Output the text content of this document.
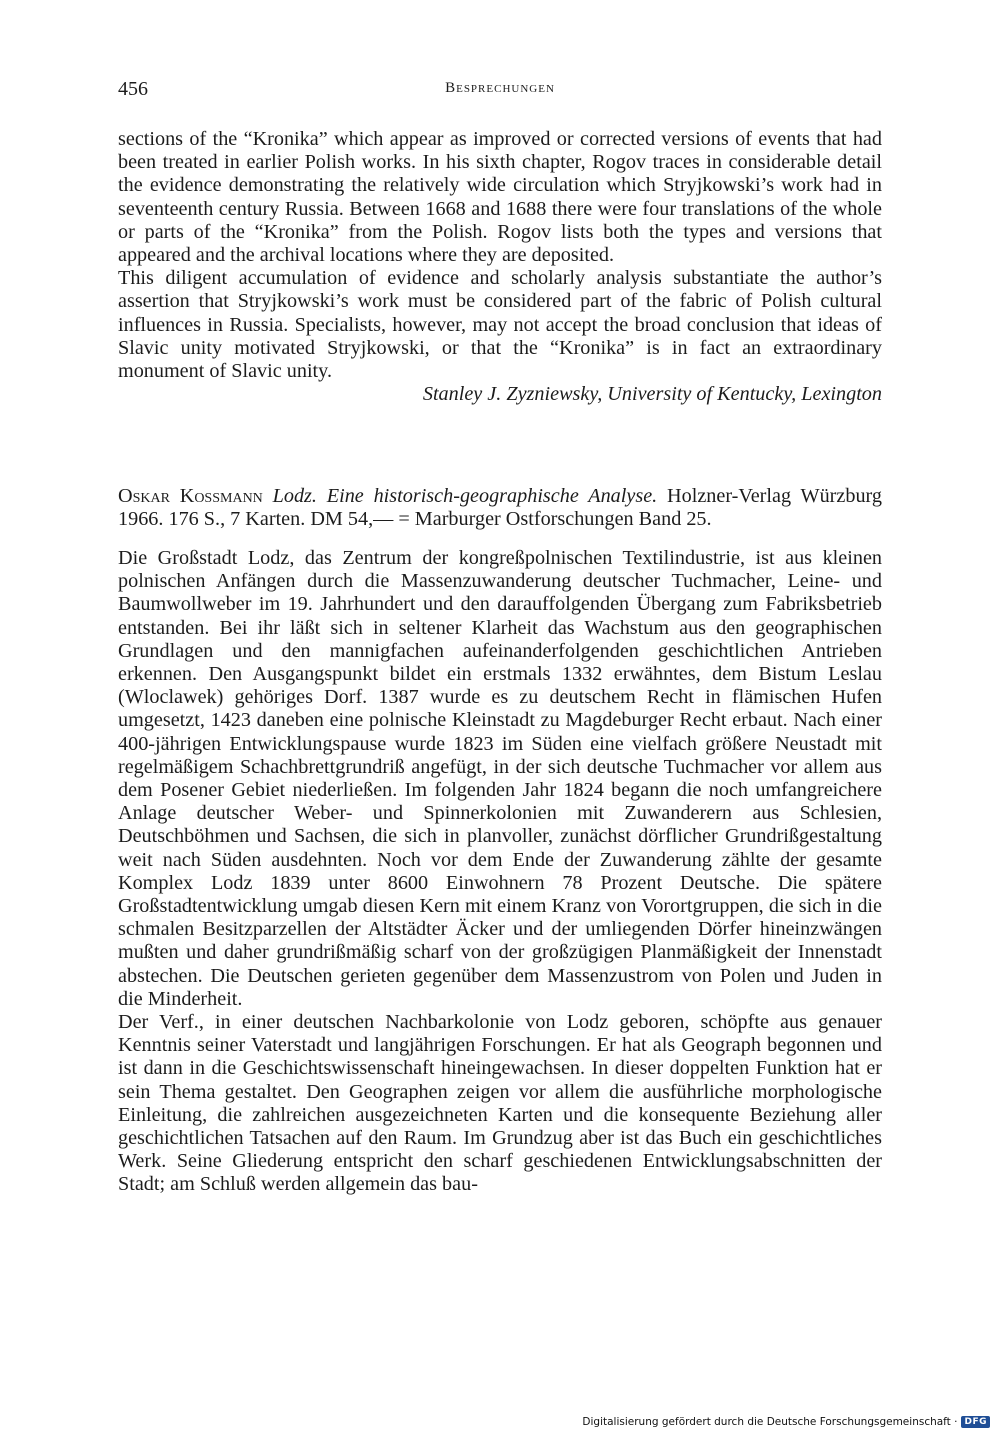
456	Besprechungen

sections of the “Kronika” which appear as improved or corrected versions of events that had been treated in earlier Polish works. In his sixth chapter, Rogov traces in considerable detail the evidence demonstrating the relatively wide circulation which Stryjkowski’s work had in seventeenth century Russia. Between 1668 and 1688 there were four translations of the whole or parts of the “Kronika” from the Polish. Rogov lists both the types and versions that appeared and the archival locations where they are deposited.

This diligent accumulation of evidence and scholarly analysis substantiate the author’s assertion that Stryjkowski’s work must be considered part of the fabric of Polish cultural influences in Russia. Specialists, however, may not accept the broad conclusion that ideas of Slavic unity motivated Stryjkowski, or that the “Kronika” is in fact an extraordinary monument of Slavic unity.

Stanley J. Zyzniewsky, University of Kentucky, Lexington

Oskar Kossmann Lodz. Eine historisch-geographische Analyse. Holzner-Verlag Würzburg 1966. 176 S., 7 Karten. DM 54,— = Marburger Ostforschungen Band 25.

Die Großstadt Lodz, das Zentrum der kongreßpolnischen Textilindustrie, ist aus kleinen polnischen Anfängen durch die Massenzuwanderung deutscher Tuchmacher, Leine- und Baumwollweber im 19. Jahrhundert und den darauffolgenden Übergang zum Fabriksbetrieb entstanden. Bei ihr läßt sich in seltener Klarheit das Wachstum aus den geographischen Grundlagen und den mannigfachen aufeinanderfolgenden geschichtlichen Antrieben erkennen. Den Ausgangspunkt bildet ein erstmals 1332 erwähntes, dem Bistum Leslau (Wloclawek) gehöriges Dorf. 1387 wurde es zu deutschem Recht in flämischen Hufen umgesetzt, 1423 daneben eine polnische Kleinstadt zu Magdeburger Recht erbaut. Nach einer 400-jährigen Entwicklungspause wurde 1823 im Süden eine vielfach größere Neustadt mit regelmäßigem Schachbrettgrundriß angefügt, in der sich deutsche Tuchmacher vor allem aus dem Posener Gebiet niederließen. Im folgenden Jahr 1824 begann die noch umfangreichere Anlage deutscher Weber- und Spinnerkolonien mit Zuwanderern aus Schlesien, Deutschböhmen und Sachsen, die sich in planvoller, zunächst dörflicher Grundrißgestaltung weit nach Süden ausdehnten. Noch vor dem Ende der Zuwanderung zählte der gesamte Komplex Lodz 1839 unter 8600 Einwohnern 78 Prozent Deutsche. Die spätere Großstadtentwicklung umgab diesen Kern mit einem Kranz von Vorortgruppen, die sich in die schmalen Besitzparzellen der Altstädter Äcker und der umliegenden Dörfer hineinzwängen mußten und daher grundrißmäßig scharf von der großzügigen Planmäßigkeit der Innenstadt abstechen. Die Deutschen gerieten gegenüber dem Massenzustrom von Polen und Juden in die Minderheit.

Der Verf., in einer deutschen Nachbarkolonie von Lodz geboren, schöpfte aus genauer Kenntnis seiner Vaterstadt und langjährigen Forschungen. Er hat als Geograph begonnen und ist dann in die Geschichtswissenschaft hineingewachsen. In dieser doppelten Funktion hat er sein Thema gestaltet. Den Geographen zeigen vor allem die ausführliche morphologische Einleitung, die zahlreichen ausgezeichneten Karten und die konsequente Beziehung aller geschichtlichen Tatsachen auf den Raum. Im Grundzug aber ist das Buch ein geschichtliches Werk. Seine Gliederung entspricht den scharf geschiedenen Entwicklungsabschnitten der Stadt; am Schluß werden allgemein das bau-

Digitalisierung gefördert durch die Deutsche Forschungsgemeinschaft · DFG
